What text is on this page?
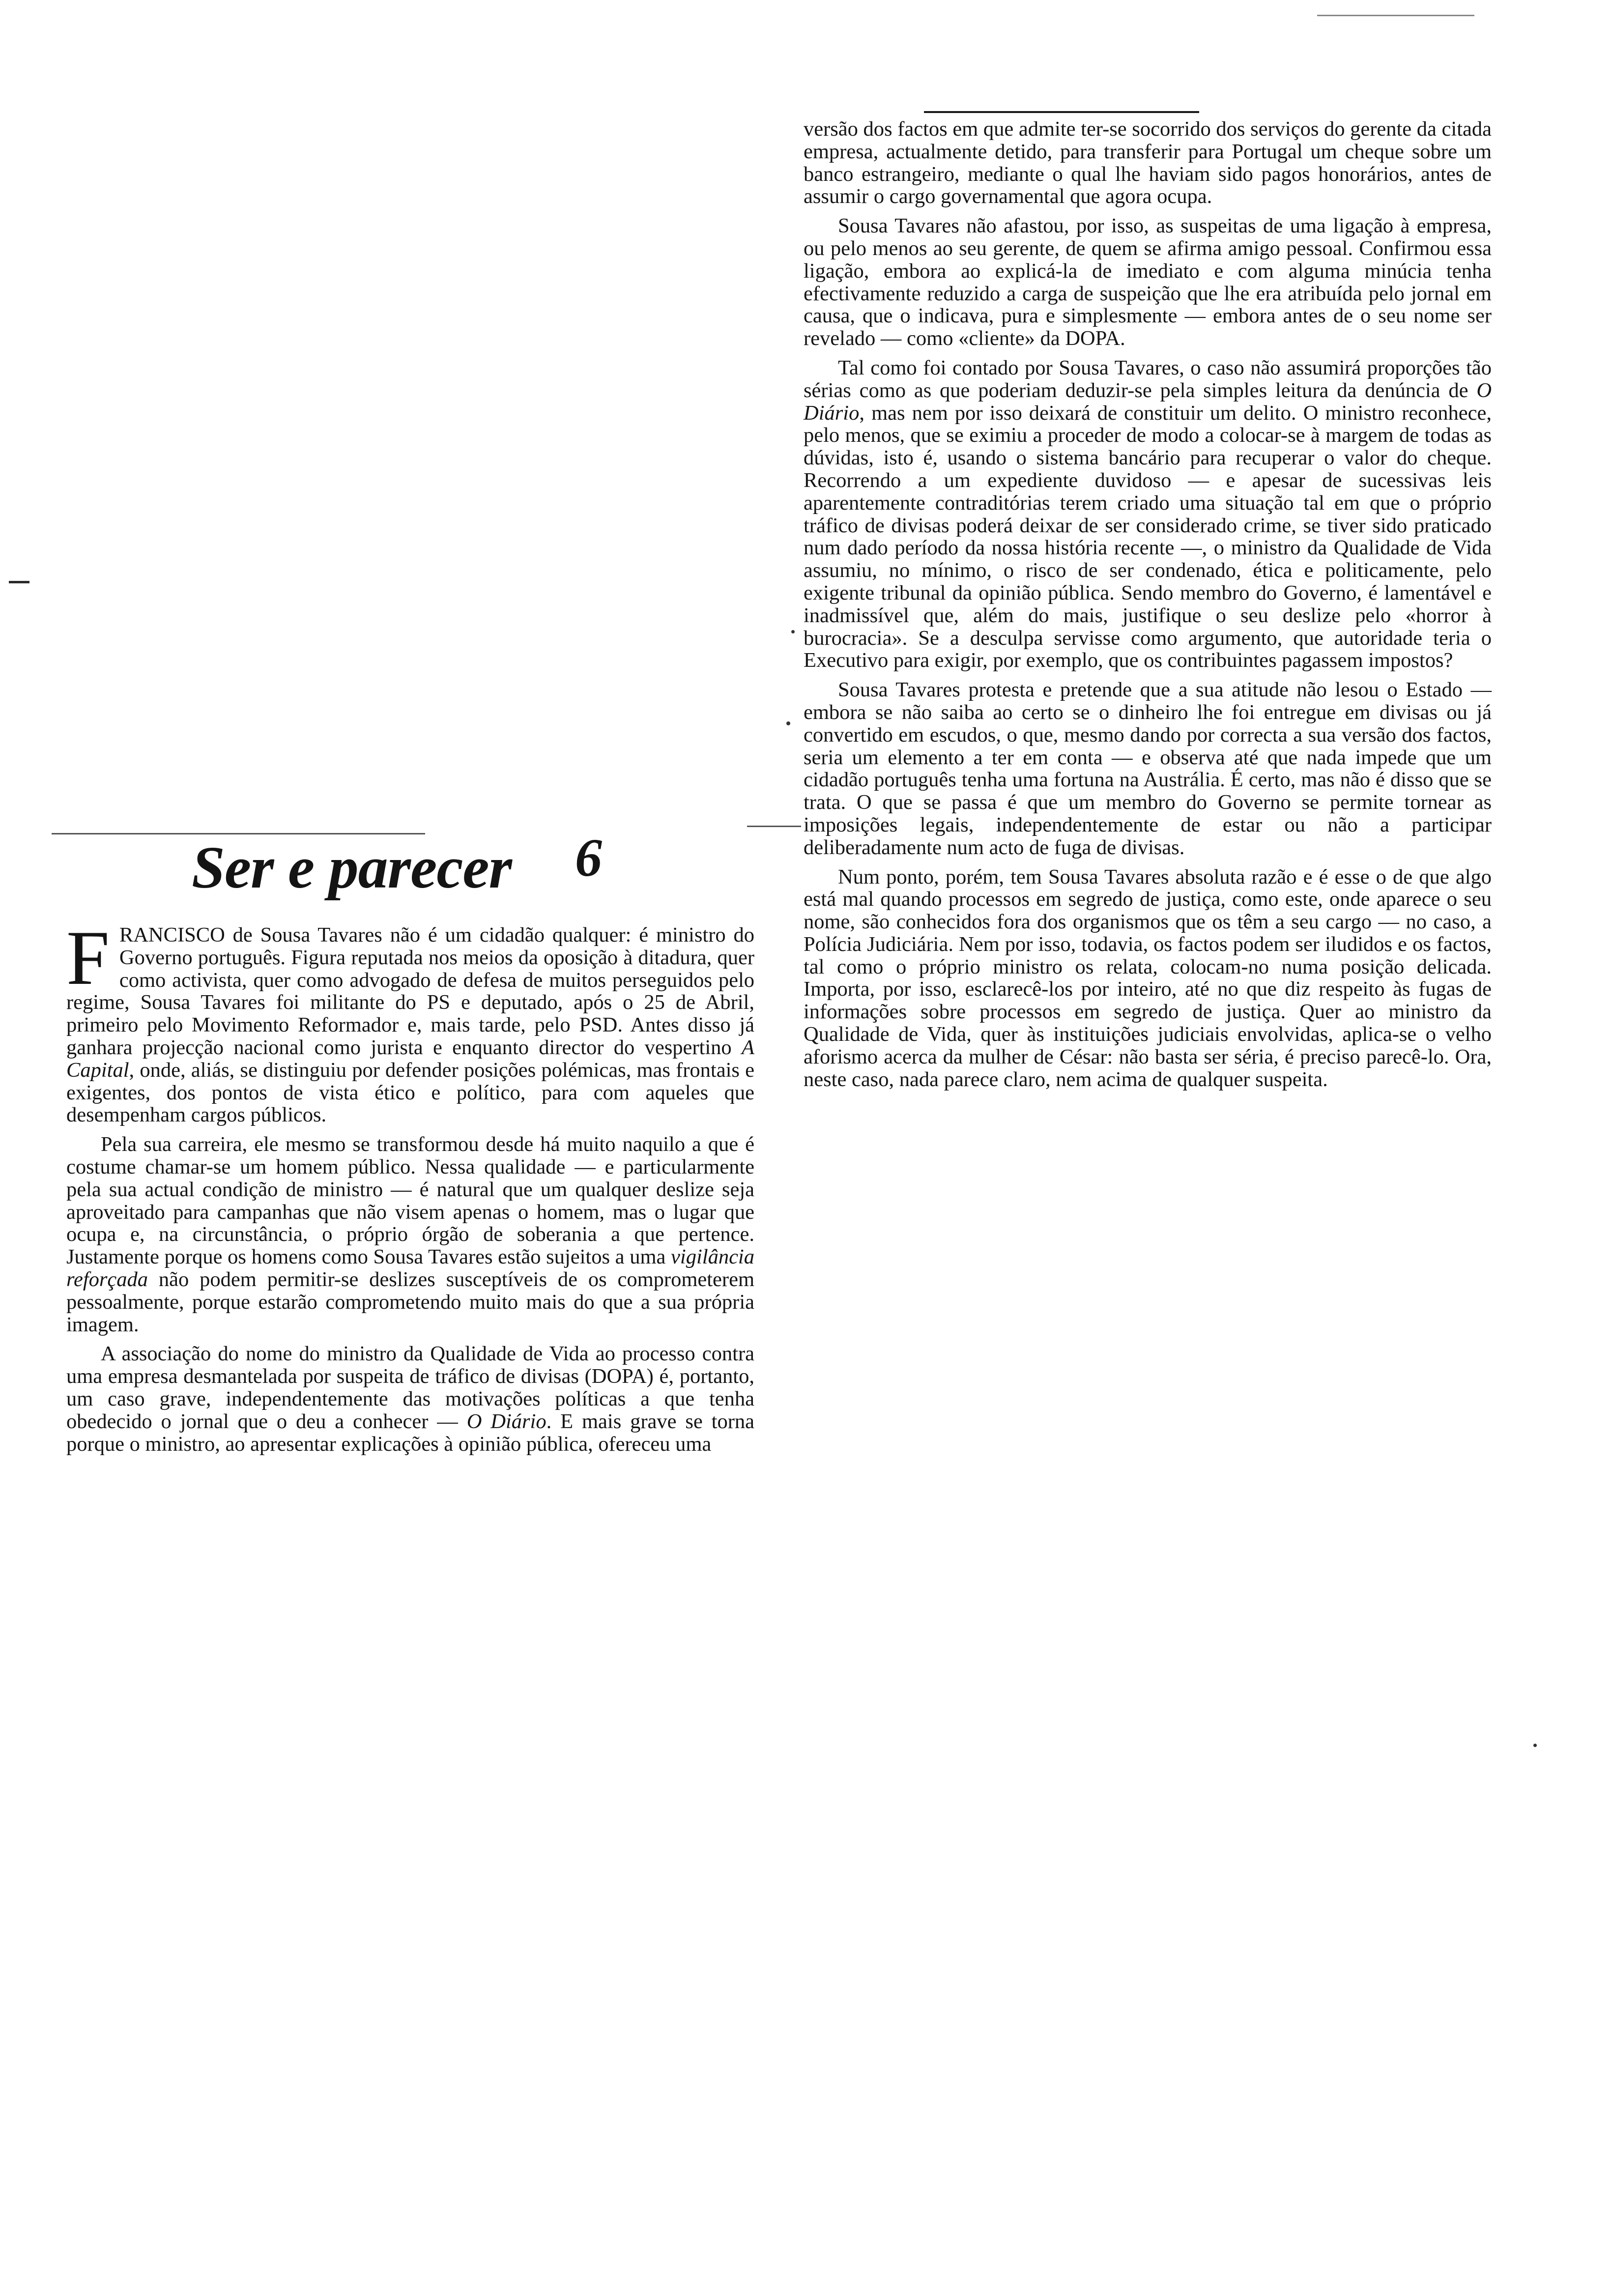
Ser e parecer 6

FRANCISCO de Sousa Tavares não é um cidadão qualquer: é ministro do Governo português. Figura reputada nos meios da oposição à ditadura, quer como activista, quer como advogado de defesa de muitos perseguidos pelo regime, Sousa Tavares foi militante do PS e deputado, após o 25 de Abril, primeiro pelo Movimento Reformador e, mais tarde, pelo PSD. Antes disso já ganhara projecção nacional como jurista e enquanto director do vespertino A Capital, onde, aliás, se distinguiu por defender posições polémicas, mas frontais e exigentes, dos pontos de vista ético e político, para com aqueles que desempenham cargos públicos.

Pela sua carreira, ele mesmo se transformou desde há muito naquilo a que é costume chamar-se um homem público. Nessa qualidade — e particularmente pela sua actual condição de ministro — é natural que um qualquer deslize seja aproveitado para campanhas que não visem apenas o homem, mas o lugar que ocupa e, na circunstância, o próprio órgão de soberania a que pertence. Justamente porque os homens como Sousa Tavares estão sujeitos a uma vigilância reforçada não podem permitir-se deslizes susceptíveis de os comprometerem pessoalmente, porque estarão comprometendo muito mais do que a sua própria imagem.

A associação do nome do ministro da Qualidade de Vida ao processo contra uma empresa desmantelada por suspeita de tráfico de divisas (DOPA) é, portanto, um caso grave, independentemente das motivações políticas a que tenha obedecido o jornal que o deu a conhecer — O Diário. E mais grave se torna porque o ministro, ao apresentar explicações à opinião pública, ofereceu uma

versão dos factos em que admite ter-se socorrido dos serviços do gerente da citada empresa, actualmente detido, para transferir para Portugal um cheque sobre um banco estrangeiro, mediante o qual lhe haviam sido pagos honorários, antes de assumir o cargo governamental que agora ocupa.

Sousa Tavares não afastou, por isso, as suspeitas de uma ligação à empresa, ou pelo menos ao seu gerente, de quem se afirma amigo pessoal. Confirmou essa ligação, embora ao explicá-la de imediato e com alguma minúcia tenha efectivamente reduzido a carga de suspeição que lhe era atribuída pelo jornal em causa, que o indicava, pura e simplesmente — embora antes de o seu nome ser revelado — como «cliente» da DOPA.

Tal como foi contado por Sousa Tavares, o caso não assumirá proporções tão sérias como as que poderiam deduzir-se pela simples leitura da denúncia de O Diário, mas nem por isso deixará de constituir um delito. O ministro reconhece, pelo menos, que se eximiu a proceder de modo a colocar-se à margem de todas as dúvidas, isto é, usando o sistema bancário para recuperar o valor do cheque. Recorrendo a um expediente duvidoso — e apesar de sucessivas leis aparentemente contraditórias terem criado uma situação tal em que o próprio tráfico de divisas poderá deixar de ser considerado crime, se tiver sido praticado num dado período da nossa história recente —, o ministro da Qualidade de Vida assumiu, no mínimo, o risco de ser condenado, ética e politicamente, pelo exigente tribunal da opinião pública. Sendo membro do Governo, é lamentável e inadmissível que, além do mais, justifique o seu deslize pelo «horror à burocracia». Se a desculpa servisse como argumento, que autoridade teria o Executivo para exigir, por exemplo, que os contribuintes pagassem impostos?

Sousa Tavares protesta e pretende que a sua atitude não lesou o Estado — embora se não saiba ao certo se o dinheiro lhe foi entregue em divisas ou já convertido em escudos, o que, mesmo dando por correcta a sua versão dos factos, seria um elemento a ter em conta — e observa até que nada impede que um cidadão português tenha uma fortuna na Austrália. É certo, mas não é disso que se trata. O que se passa é que um membro do Governo se permite tornear as imposições legais, independentemente de estar ou não a participar deliberadamente num acto de fuga de divisas.

Num ponto, porém, tem Sousa Tavares absoluta razão e é esse o de que algo está mal quando processos em segredo de justiça, como este, onde aparece o seu nome, são conhecidos fora dos organismos que os têm a seu cargo — no caso, a Polícia Judiciária. Nem por isso, todavia, os factos podem ser iludidos e os factos, tal como o próprio ministro os relata, colocam-no numa posição delicada. Importa, por isso, esclarecê-los por inteiro, até no que diz respeito às fugas de informações sobre processos em segredo de justiça. Quer ao ministro da Qualidade de Vida, quer às instituições judiciais envolvidas, aplica-se o velho aforismo acerca da mulher de César: não basta ser séria, é preciso parecê-lo. Ora, neste caso, nada parece claro, nem acima de qualquer suspeita.
